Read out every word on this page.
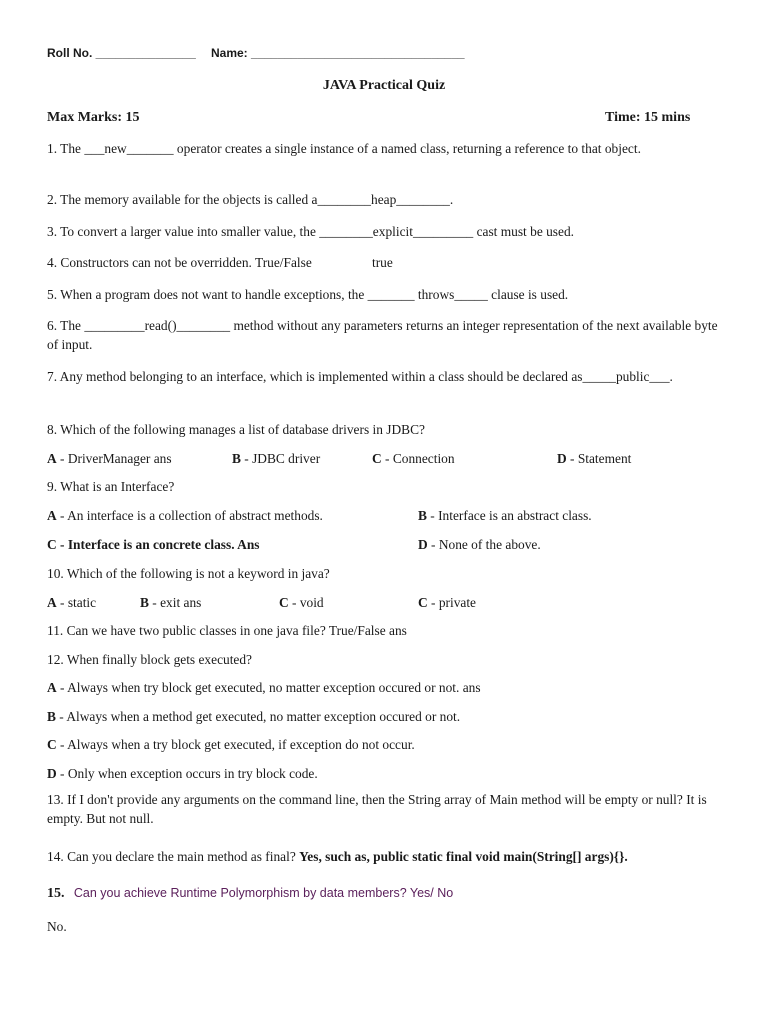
Roll No. _______________ Name: ________________________________
JAVA Practical Quiz
Max Marks: 15	Time: 15 mins
1. The ___new_______ operator creates a single instance of a named class, returning a reference to that object.
2. The memory available for the objects is called a________heap________.
3. To convert a larger value into smaller value, the ________explicit_________ cast must be used.
4. Constructors can not be overridden. True/False	true
5. When a program does not want to handle exceptions, the _______ throws_____ clause is used.
6. The _________read()________ method without any parameters returns an integer representation of the next available byte of input.
7. Any method belonging to an interface, which is implemented within a class should be declared as_____public___.
8. Which of the following manages a list of database drivers in JDBC?
A - DriverManager ans	B - JDBC driver	C - Connection	D - Statement
9. What is an Interface?
A - An interface is a collection of abstract methods.	B - Interface is an abstract class.
C - Interface is an concrete class. Ans	D - None of the above.
10. Which of the following is not a keyword in java?
A - static	B - exit ans	C - void	C - private
11. Can we have two public classes in one java file? True/False ans
12. When finally block gets executed?
A - Always when try block get executed, no matter exception occured or not. ans
B - Always when a method get executed, no matter exception occured or not.
C - Always when a try block get executed, if exception do not occur.
D - Only when exception occurs in try block code.
13. If I don't provide any arguments on the command line, then the String array of Main method will be empty or null? It is empty. But not null.
14. Can you declare the main method as final? Yes, such as, public static final void main(String[] args){}.
15. Can you achieve Runtime Polymorphism by data members? Yes/ No
No.
